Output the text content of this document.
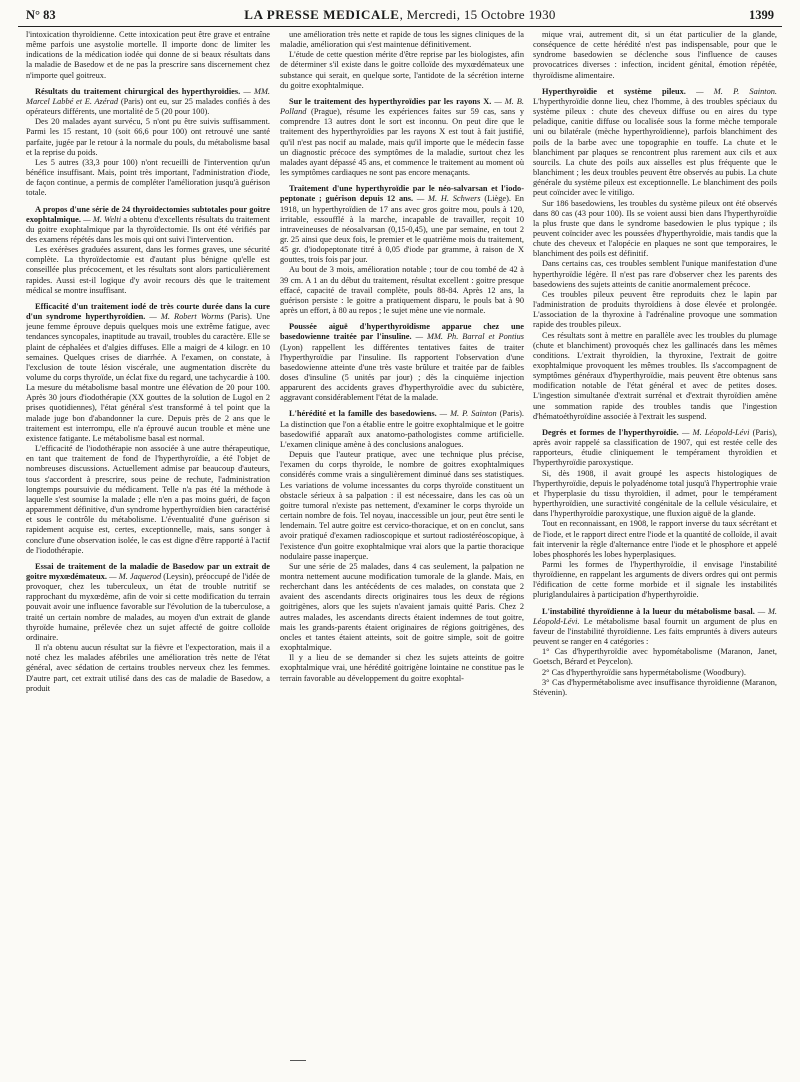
N° 83	LA PRESSE MEDICALE, Mercredi, 15 Octobre 1930	1399

l'intoxication thyroïdienne. Cette intoxication peut être grave et entraîne même parfois une asystolie mortelle. Il importe donc de limiter les indications de la médication iodée qui donne de si beaux résultats dans la maladie de Basedow et de ne pas la prescrire sans discernement chez n'importe quel goitreux.

Résultats du traitement chirurgical des hyperthyroïdies. — MM. Marcel Labbé et E. Azérad (Paris) ont eu, sur 25 malades confiés à des opérateurs différents, une mortalité de 5 (20 pour 100).

Des 20 malades ayant survécu, 5 n'ont pu être suivis suffisamment. Parmi les 15 restant, 10 (soit 66,6 pour 100) ont retrouvé une santé parfaite, jugée par le retour à la normale du pouls, du métabolisme basal et la reprise du poids.

Les 5 autres (33,3 pour 100) n'ont recueilli de l'intervention qu'un bénéfice insuffisant. Mais, point très important, l'administration d'iode, de façon continue, a permis de compléter l'amélioration jusqu'à guérison totale.

A propos d'une série de 24 thyroïdectomies subtotales pour goitre exophtalmique. — M. Welti a obtenu d'excellents résultats du traitement du goitre exophtalmique par la thyroïdectomie. Ils ont été vérifiés par des examens répétés dans les mois qui ont suivi l'intervention.

Les exérèses graduées assurent, dans les formes graves, une sécurité complète. La thyroïdectomie est d'autant plus bénigne qu'elle est conseillée plus précocement, et les résultats sont alors particulièrement rapides. Aussi est-il logique d'y avoir recours dès que le traitement médical se montre insuffisant.

Efficacité d'un traitement iodé de très courte durée dans la cure d'un syndrome hyperthyroïdien. — M. Robert Worms (Paris). Une jeune femme éprouve depuis quelques mois une extrême fatigue, avec tendances syncopales, inaptitude au travail, troubles du caractère. Elle se plaint de céphalées et d'algies diffuses. Elle a maigri de 4 kilogr. en 10 semaines. Quelques crises de diarrhée. A l'examen, on constate, à l'exclusion de toute lésion viscérale, une augmentation discrète du volume du corps thyroïde, un éclat fixe du regard, une tachycardie à 100. La mesure du métabolisme basal montre une élévation de 20 pour 100. Après 30 jours d'iodothérapie (XX gouttes de la solution de Lugol en 2 prises quotidiennes), l'état général s'est transformé à tel point que la malade juge bon d'abandonner la cure. Depuis près de 2 ans que le traitement est interrompu, elle n'a éprouvé aucun trouble et mène une existence fatigante. Le métabolisme basal est normal.

L'efficacité de l'iodothérapie non associée à une autre thérapeutique, en tant que traitement de fond de l'hyperthyroïdie, a été l'objet de nombreuses discussions. Actuellement admise par beaucoup d'auteurs, tous s'accordent à prescrire, sous peine de rechute, l'administration longtemps poursuivie du médicament. Telle n'a pas été la méthode à laquelle s'est soumise la malade ; elle n'en a pas moins guéri, de façon apparemment définitive, d'un syndrome hyperthyroïdien bien caractérisé et sous le contrôle du métabolisme. L'éventualité d'une guérison si rapidement acquise est, certes, exceptionnelle, mais, sans songer à conclure d'une observation isolée, le cas est digne d'être rapporté à l'actif de l'iodothérapie.

Essai de traitement de la maladie de Basedow par un extrait de goitre myxœdémateux. — M. Jaquerod (Leysin), préoccupé de l'idée de provoquer, chez les tuberculeux, un état de trouble nutritif se rapprochant du myxœdème, afin de voir si cette modification du terrain pouvait avoir une influence favorable sur l'évolution de la tuberculose, a traité un certain nombre de malades, au moyen d'un extrait de glande thyroïde humaine, prélevée chez un sujet affecté de goitre colloïde ordinaire.

Il n'a obtenu aucun résultat sur la fièvre et l'expectoration, mais il a noté chez les malades afébriles une amélioration très nette de l'état général, avec sédation de certains troubles nerveux chez les femmes. D'autre part, cet extrait utilisé dans des cas de maladie de Basedow, a produit

une amélioration très nette et rapide de tous les signes cliniques de la maladie, amélioration qui s'est maintenue définitivement.

L'étude de cette question mérite d'être reprise par les biologistes, afin de déterminer s'il existe dans le goitre colloïde des myxœdémateux une substance qui serait, en quelque sorte, l'antidote de la sécrétion interne du goitre exophtalmique.

Sur le traitement des hyperthyroïdies par les rayons X. — M. B. Polland (Prague), résume les expériences faites sur 59 cas, sans y comprendre 13 autres dont le sort est inconnu. On peut dire que le traitement des hyperthyroïdies par les rayons X est tout à fait justifié, qu'il n'est pas nocif au malade, mais qu'il importe que le médecin fasse un diagnostic précoce des symptômes de la maladie, surtout chez les malades ayant dépassé 45 ans, et commence le traitement au moment où les symptômes cardiaques ne sont pas encore menaçants.

Traitement d'une hyperthyroïdie par le néo-salvarsan et l'iodo-peptonate ; guérison depuis 12 ans. — M. H. Schwers (Liège). En 1918, un hyperthyroïdien de 17 ans avec gros goitre mou, pouls à 120, irritable, essoufflé à la marche, incapable de travailler, reçoit 10 intraveineuses de néosalvarsan (0,15-0,45), une par semaine, en tout 2 gr. 25 ainsi que deux fois, le premier et le quatrième mois du traitement, 45 gr. d'iodopeptonate titré à 0,05 d'iode par gramme, à raison de X gouttes, trois fois par jour.

Au bout de 3 mois, amélioration notable ; tour de cou tombé de 42 à 39 cm. A 1 an du début du traitement, résultat excellent : goitre presque effacé, capacité de travail complète, pouls 88-84. Après 12 ans, la guérison persiste : le goitre a pratiquement disparu, le pouls bat à 90 après un effort, à 80 au repos ; le sujet mène une vie normale.

Poussée aiguë d'hyperthyroïdisme apparue chez une basedowienne traitée par l'insuline. — MM. Ph. Barral et Pontius (Lyon) rappellent les différentes tentatives faites de traiter l'hyperthyroïdie par l'insuline. Ils rapportent l'observation d'une basedowienne atteinte d'une très vaste brûlure et traitée par de faibles doses d'insuline (5 unités par jour) ; dès la cinquième injection apparurent des accidents graves d'hyperthyroïdie avec du subictère, aggravant considérablement l'état de la malade.

L'hérédité et la famille des basedowiens. — M. P. Sainton (Paris). La distinction que l'on a établie entre le goitre exophtalmique et le goitre basedowifié apparaît aux anatomo-pathologistes comme artificielle. L'examen clinique amène à des conclusions analogues.

Depuis que l'auteur pratique, avec une technique plus précise, l'examen du corps thyroïde, le nombre de goitres exophtalmiques considérés comme vrais a singulièrement diminué dans ses statistiques. Les variations de volume incessantes du corps thyroïde constituent un obstacle sérieux à sa palpation : il est nécessaire, dans les cas où un goitre tumoral n'existe pas nettement, d'examiner le corps thyroïde un certain nombre de fois. Tel noyau, inaccessible un jour, peut être senti le lendemain. Tel autre goitre est cervico-thoracique, et on en conclut, sans avoir pratiqué d'examen radioscopique et surtout radiostéréoscopique, à l'existence d'un goitre exophtalmique vrai alors que la partie thoracique nodulaire passe inaperçue.

Sur une série de 25 malades, dans 4 cas seulement, la palpation ne montra nettement aucune modification tumorale de la glande. Mais, en recherchant dans les antécédents de ces malades, on constata que 2 avaient des ascendants directs originaires tous les deux de régions goitrigènes, alors que les sujets n'avaient jamais quitté Paris. Chez 2 autres malades, les ascendants directs étaient indemnes de tout goitre, mais les grands-parents étaient originaires de régions goitrigènes, des oncles et tantes étaient atteints, soit de goitre simple, soit de goitre exophtalmique.

Il y a lieu de se demander si chez les sujets atteints de goitre exophtalmique vrai, une hérédité goitrigène lointaine ne constitue pas le terrain favorable au développement du goitre exophtal-

mique vrai, autrement dit, si un état particulier de la glande, conséquence de cette hérédité n'est pas indispensable, pour que le syndrome basedowien se déclenche sous l'influence de causes provocatrices diverses : infection, incident génital, émotion répétée, thyroïdisme alimentaire.

Hyperthyroïdie et système pileux. — M. P. Sainton. L'hyperthyroïdie donne lieu, chez l'homme, à des troubles spéciaux du système pileux : chute des cheveux diffuse ou en aires du type peladique, canitie diffuse ou localisée sous la forme mèche temporale uni ou bilatérale (mèche hyperthyroïdienne), parfois blanchiment des poils de la barbe avec une topographie en touffe. La chute et le blanchiment par plaques se rencontrent plus rarement aux cils et aux sourcils. La chute des poils aux aisselles est plus fréquente que le blanchiment ; les deux troubles peuvent être observés au pubis. La chute générale du système pileux est exceptionnelle. Le blanchiment des poils peut coïncider avec le vitiligo.

Sur 186 basedowiens, les troubles du système pileux ont été observés dans 80 cas (43 pour 100). Ils se voient aussi bien dans l'hyperthyroïdie la plus fruste que dans le syndrome basedowien le plus typique ; ils peuvent coïncider avec les poussées d'hyperthyroïdie, mais tandis que la chute des cheveux et l'alopécie en plaques ne sont que temporaires, le blanchiment des poils est définitif.

Dans certains cas, ces troubles semblent l'unique manifestation d'une hyperthyroïdie légère. Il n'est pas rare d'observer chez les parents des basedowiens des sujets atteints de canitie anormalement précoce.

Ces troubles pileux peuvent être reproduits chez le lapin par l'administration de produits thyroïdiens à dose élevée et prolongée. L'association de la thyroxine à l'adrénaline provoque une sommation rapide des troubles pileux.

Ces résultats sont à mettre en parallèle avec les troubles du plumage (chute et blanchiment) provoqués chez les gallinacés dans les mêmes conditions. L'extrait thyroïdien, la thyroxine, l'extrait de goitre exophtalmique provoquent les mêmes troubles. Ils s'accompagnent de symptômes généraux d'hyperthyroïdie, mais peuvent être obtenus sans modification notable de l'état général et avec de petites doses. L'ingestion simultanée d'extrait surrénal et d'extrait thyroïdien amène une sommation rapide des troubles tandis que l'ingestion d'hématoéthyroïdine associée à l'extrait les suspend.

Degrés et formes de l'hyperthyroïdie. — M. Léopold-Lévi (Paris), après avoir rappelé sa classification de 1907, qui est restée celle des rapporteurs, étudie cliniquement le tempérament thyroïdien et l'hyperthyroïdie paroxystique.

Si, dès 1908, il avait groupé les aspects histologiques de l'hyperthyroïdie, depuis le polyadénome total jusqu'à l'hypertrophie vraie et l'hyperplasie du tissu thyroïdien, il admet, pour le tempérament hyperthyroïdien, une suractivité congénitale de la cellule vésiculaire, et dans l'hyperthyroïdie paroxystique, une fluxion aiguë de la glande.

Tout en reconnaissant, en 1908, le rapport inverse du taux sécrétant et de l'iode, et le rapport direct entre l'iode et la quantité de colloïde, il avait fait intervenir la règle d'alternance entre l'iode et le phosphore et appelé lobes phosphorés les lobes hyperplasiques.

Parmi les formes de l'hyperthyroïdie, il envisage l'instabilité thyroïdienne, en rappelant les arguments de divers ordres qui ont permis l'édification de cette forme morbide et il signale les instabilités pluriglandulaires à participation d'hyperthyroïdie.

L'instabilité thyroïdienne à la lueur du métabolisme basal. — M. Léopold-Lévi. Le métabolisme basal fournit un argument de plus en faveur de l'instabilité thyroïdienne. Les faits empruntés à divers auteurs peuvent se ranger en 4 catégories :

1° Cas d'hyperthyroïdie avec hypométabolisme (Maranon, Janet, Goetsch, Bérard et Peycelon).

2° Cas d'hyperthyroïdie sans hypermétabolisme (Woodbury).

3° Cas d'hypermétabolisme avec insuffisance thyroïdienne (Maranon, Stévenin).
